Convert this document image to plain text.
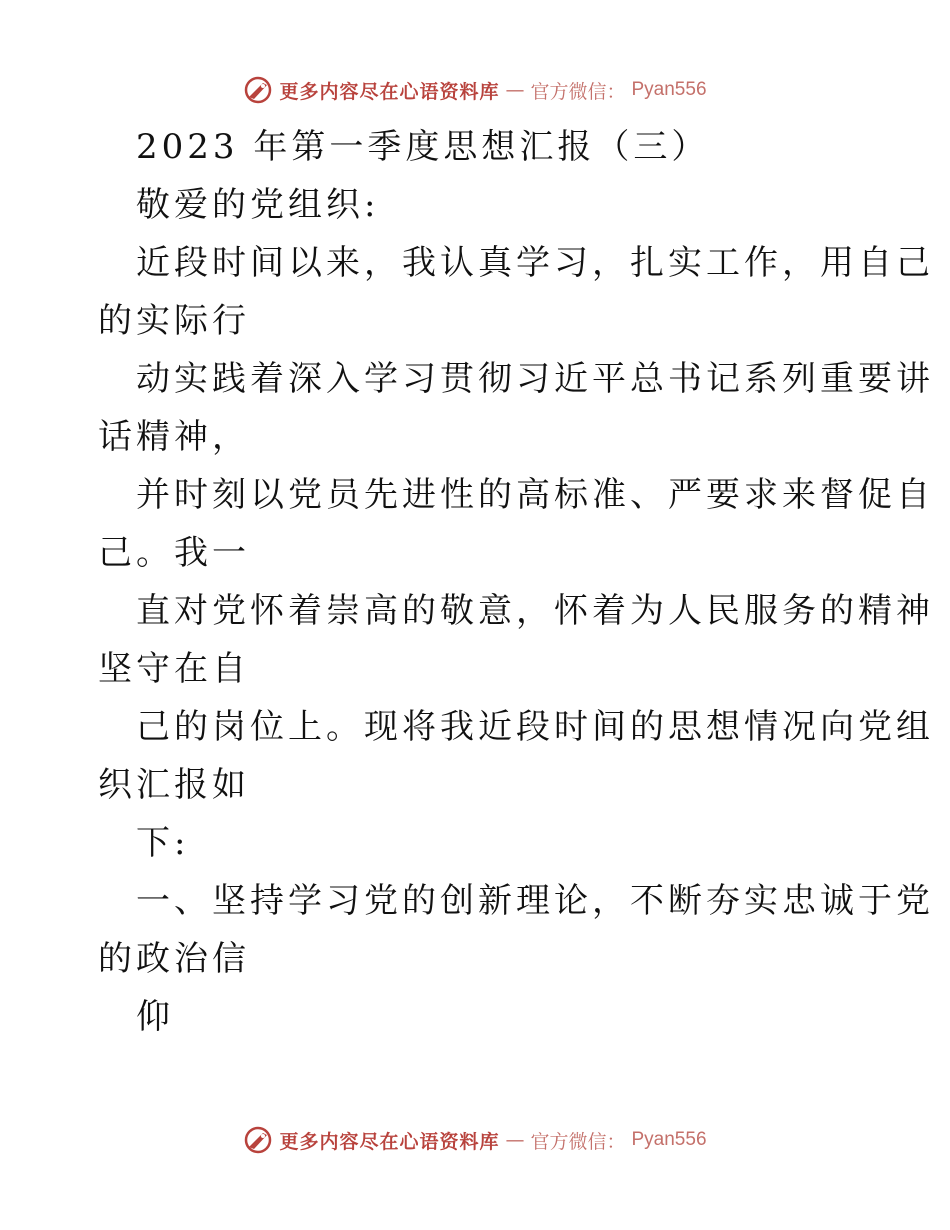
更多内容尽在心语资料库 — 官方微信： Pyan556
2023 年第一季度思想汇报（三）
敬爱的党组织:
近段时间以来，我认真学习，扎实工作，用自己
的实际行
动实践着深入学习贯彻习近平总书记系列重要讲
话精神，
并时刻以党员先进性的高标准、严要求来督促自
己。我一
直对党怀着崇高的敬意，怀着为人民服务的精神
坚守在自
己的岗位上。现将我近段时间的思想情况向党组
织汇报如
下:
一、坚持学习党的创新理论，不断夯实忠诚于党
的政治信
仰
更多内容尽在心语资料库 — 官方微信： Pyan556
